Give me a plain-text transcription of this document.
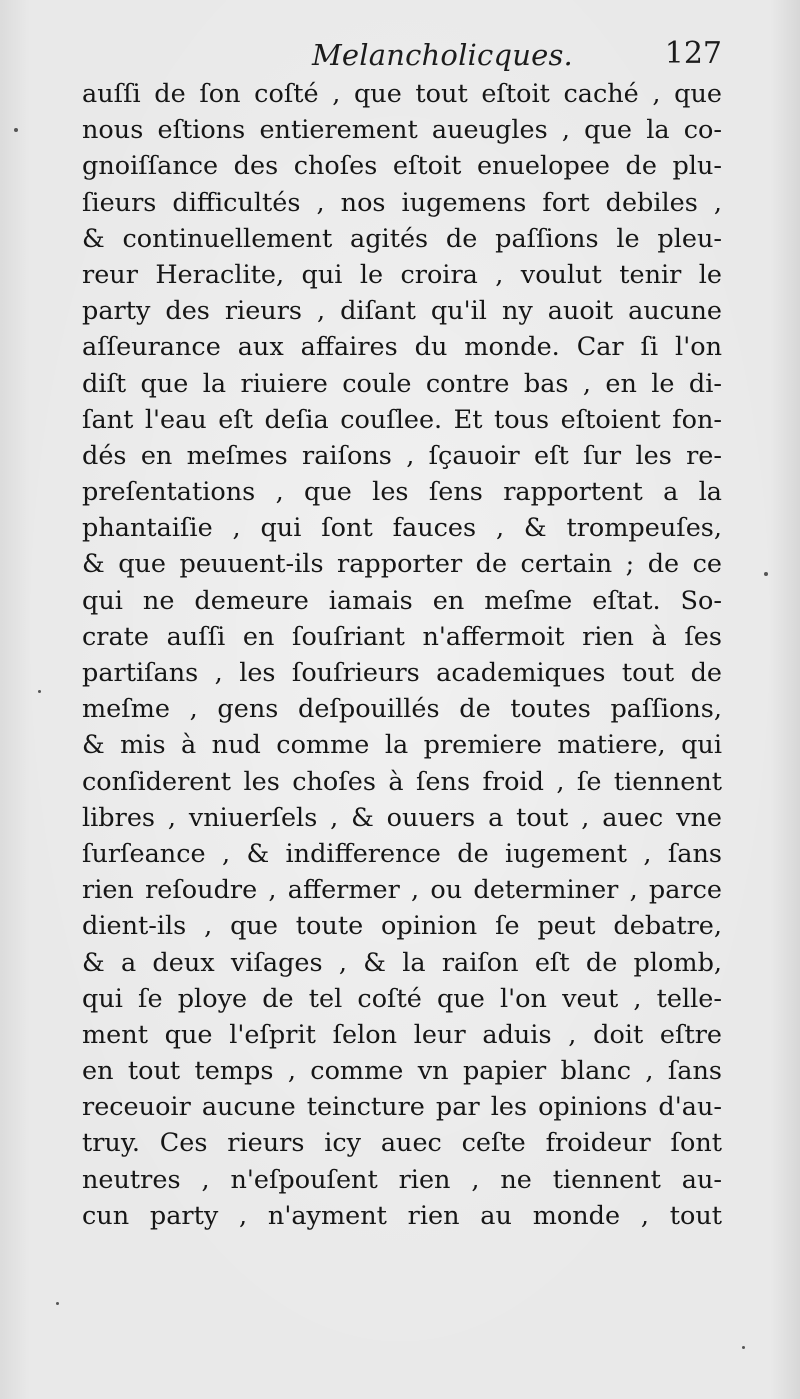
Melancholicques.	127
auſſi de ſon coſté , que tout eſtoit caché , que
nous eſtions entierement aueugles , que la co-
gnoiſſance des choſes eſtoit enuelopee de plu-
ſieurs difficultés , nos iugemens fort debiles ,
& continuellement agités de paſſions le pleu-
reur Heraclite, qui le croira , voulut tenir le
party des rieurs , diſant qu'il ny auoit aucune
aſſeurance aux affaires du monde. Car ſi l'on
diſt que la riuiere coule contre bas , en le di-
ſant l'eau eſt deſia couſlee. Et tous eſtoient fon-
dés en meſmes raiſons , ſçauoir eſt ſur les re-
preſentations , que les ſens rapportent a la
phantaiſie , qui ſont fauces , & trompeuſes,
& que peuuent-ils rapporter de certain ; de ce
qui ne demeure iamais en meſme eſtat. So-
crate auſſi en ſouſriant n'affermoit rien à ſes
partiſans , les ſouſrieurs academiques tout de
meſme , gens deſpouillés de toutes paſſions,
& mis à nud comme la premiere matiere, qui
conſiderent les choſes à ſens froid , ſe tiennent
libres , vniuerſels , & ouuers a tout , auec vne
ſurſeance , & indifference de iugement , ſans
rien reſoudre , affermer , ou determiner , parce
dient-ils , que toute opinion ſe peut debatre,
& a deux viſages , & la raiſon eſt de plomb,
qui ſe ploye de tel coſté que l'on veut , telle-
ment que l'eſprit ſelon leur aduis , doit eſtre
en tout temps , comme vn papier blanc , ſans
receuoir aucune teincture par les opinions d'au-
truy. Ces rieurs icy auec ceſte froideur ſont
neutres , n'eſpouſent rien , ne tiennent au-
cun party , n'ayment rien au monde , tout
